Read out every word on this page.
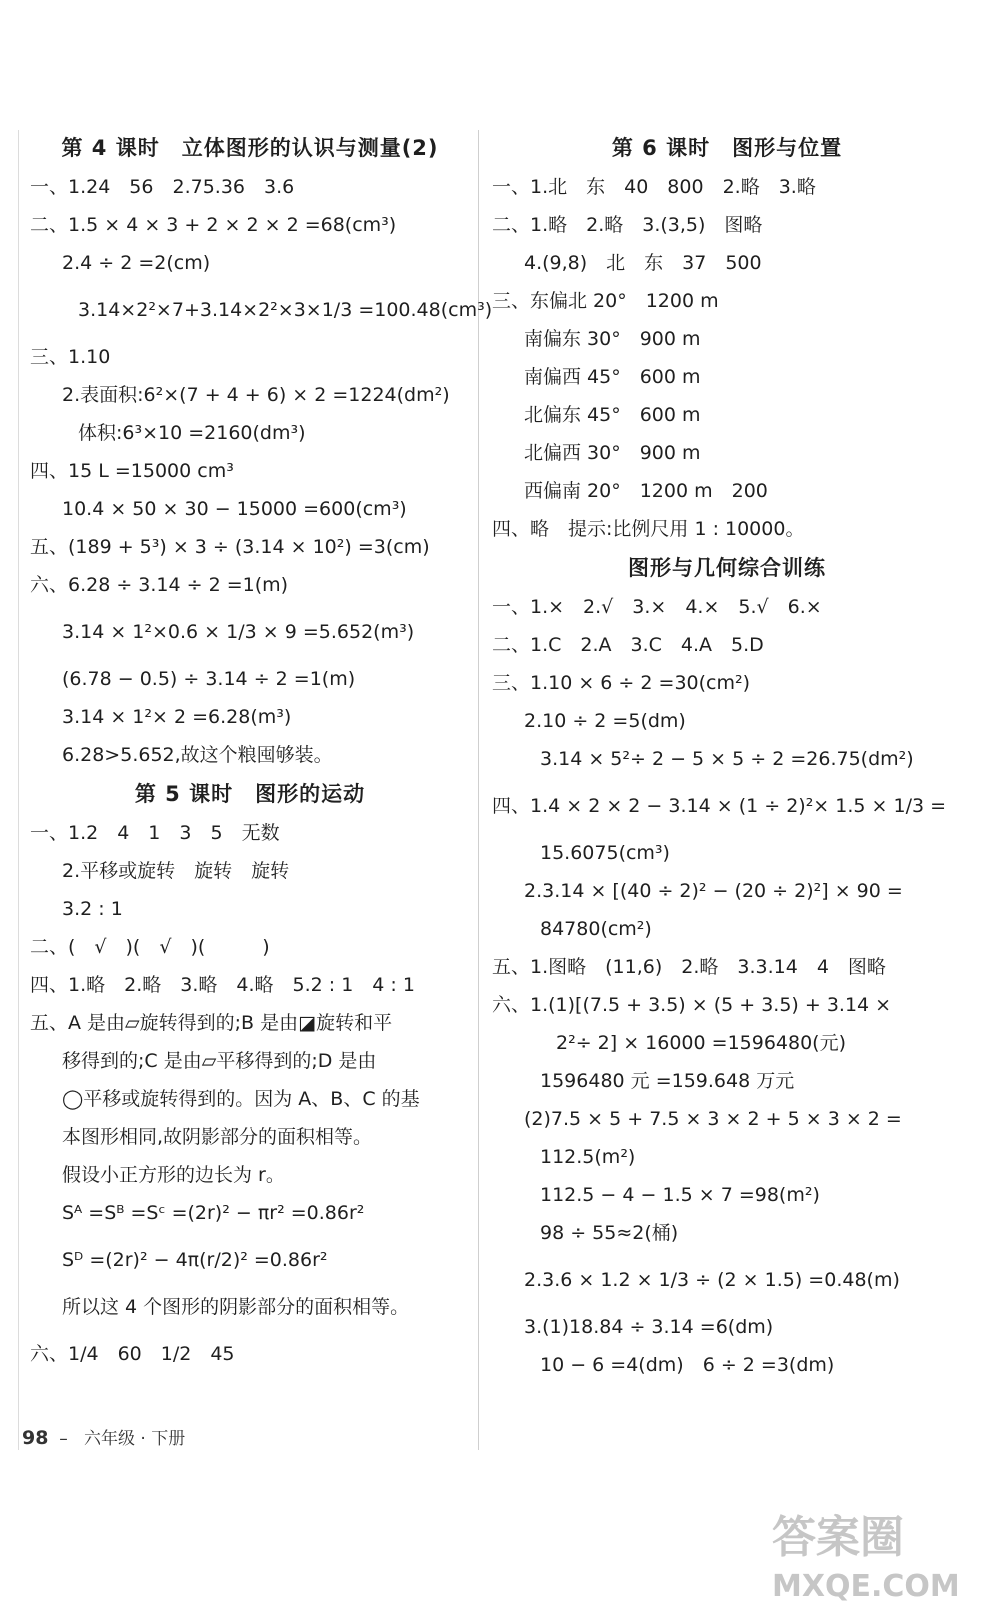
第 4 课时　立体图形的认识与测量(2)
一、1.24　56　2.75.36　3.6
二、1.5 × 4 × 3 + 2 × 2 × 2 =68(cm³)
2.4 ÷ 2 =2(cm)
3.14×2²×7+3.14×2²×3×1/3 =100.48(cm³)
三、1.10
2.表面积:6²×(7 + 4 + 6) × 2 =1224(dm²)
体积:6³×10 =2160(dm³)
四、15 L =15000 cm³
10.4 × 50 × 30 − 15000 =600(cm³)
五、(189 + 5³) × 3 ÷ (3.14 × 10²) =3(cm)
六、6.28 ÷ 3.14 ÷ 2 =1(m)
3.14 × 1²×0.6 × 1/3 × 9 =5.652(m³)
(6.78 − 0.5) ÷ 3.14 ÷ 2 =1(m)
3.14 × 1²× 2 =6.28(m³)
6.28>5.652,故这个粮囤够装。
第 5 课时　图形的运动
一、1.2　4　1　3　5　无数
2.平移或旋转　旋转　旋转
3.2 : 1
二、(　√　)(　√　)(　　　)
四、1.略　2.略　3.略　4.略　5.2 : 1　4 : 1
五、A 是由▱旋转得到的;B 是由◪旋转和平
移得到的;C 是由▱平移得到的;D 是由
◯平移或旋转得到的。因为 A、B、C 的基
本图形相同,故阴影部分的面积相等。
假设小正方形的边长为 r。
Sᴬ =Sᴮ =Sᶜ =(2r)² − πr² =0.86r²
Sᴰ =(2r)² − 4π(r/2)² =0.86r²
所以这 4 个图形的阴影部分的面积相等。
六、1/4　60　1/2　45
第 6 课时　图形与位置
一、1.北　东　40　800　2.略　3.略
二、1.略　2.略　3.(3,5)　图略
4.(9,8)　北　东　37　500
三、东偏北 20°　1200 m
南偏东 30°　900 m
南偏西 45°　600 m
北偏东 45°　600 m
北偏西 30°　900 m
西偏南 20°　1200 m　200
四、略　提示:比例尺用 1 : 10000。
图形与几何综合训练
一、1.×　2.√　3.×　4.×　5.√　6.×
二、1.C　2.A　3.C　4.A　5.D
三、1.10 × 6 ÷ 2 =30(cm²)
2.10 ÷ 2 =5(dm)
3.14 × 5²÷ 2 − 5 × 5 ÷ 2 =26.75(dm²)
四、1.4 × 2 × 2 − 3.14 × (1 ÷ 2)²× 1.5 × 1/3 =
15.6075(cm³)
2.3.14 × [(40 ÷ 2)² − (20 ÷ 2)²] × 90 =
84780(cm²)
五、1.图略　(11,6)　2.略　3.3.14　4　图略
六、1.(1)[(7.5 + 3.5) × (5 + 3.5) + 3.14 ×
2²÷ 2] × 16000 =1596480(元)
1596480 元 =159.648 万元
(2)7.5 × 5 + 7.5 × 3 × 2 + 5 × 3 × 2 =
112.5(m²)
112.5 − 4 − 1.5 × 7 =98(m²)
98 ÷ 55≈2(桶)
2.3.6 × 1.2 × 1/3 ÷ (2 × 1.5) =0.48(m)
3.(1)18.84 ÷ 3.14 =6(dm)
10 − 6 =4(dm)　6 ÷ 2 =3(dm)
98  –   六年级 · 下册
答案圈
MXQE.COM
